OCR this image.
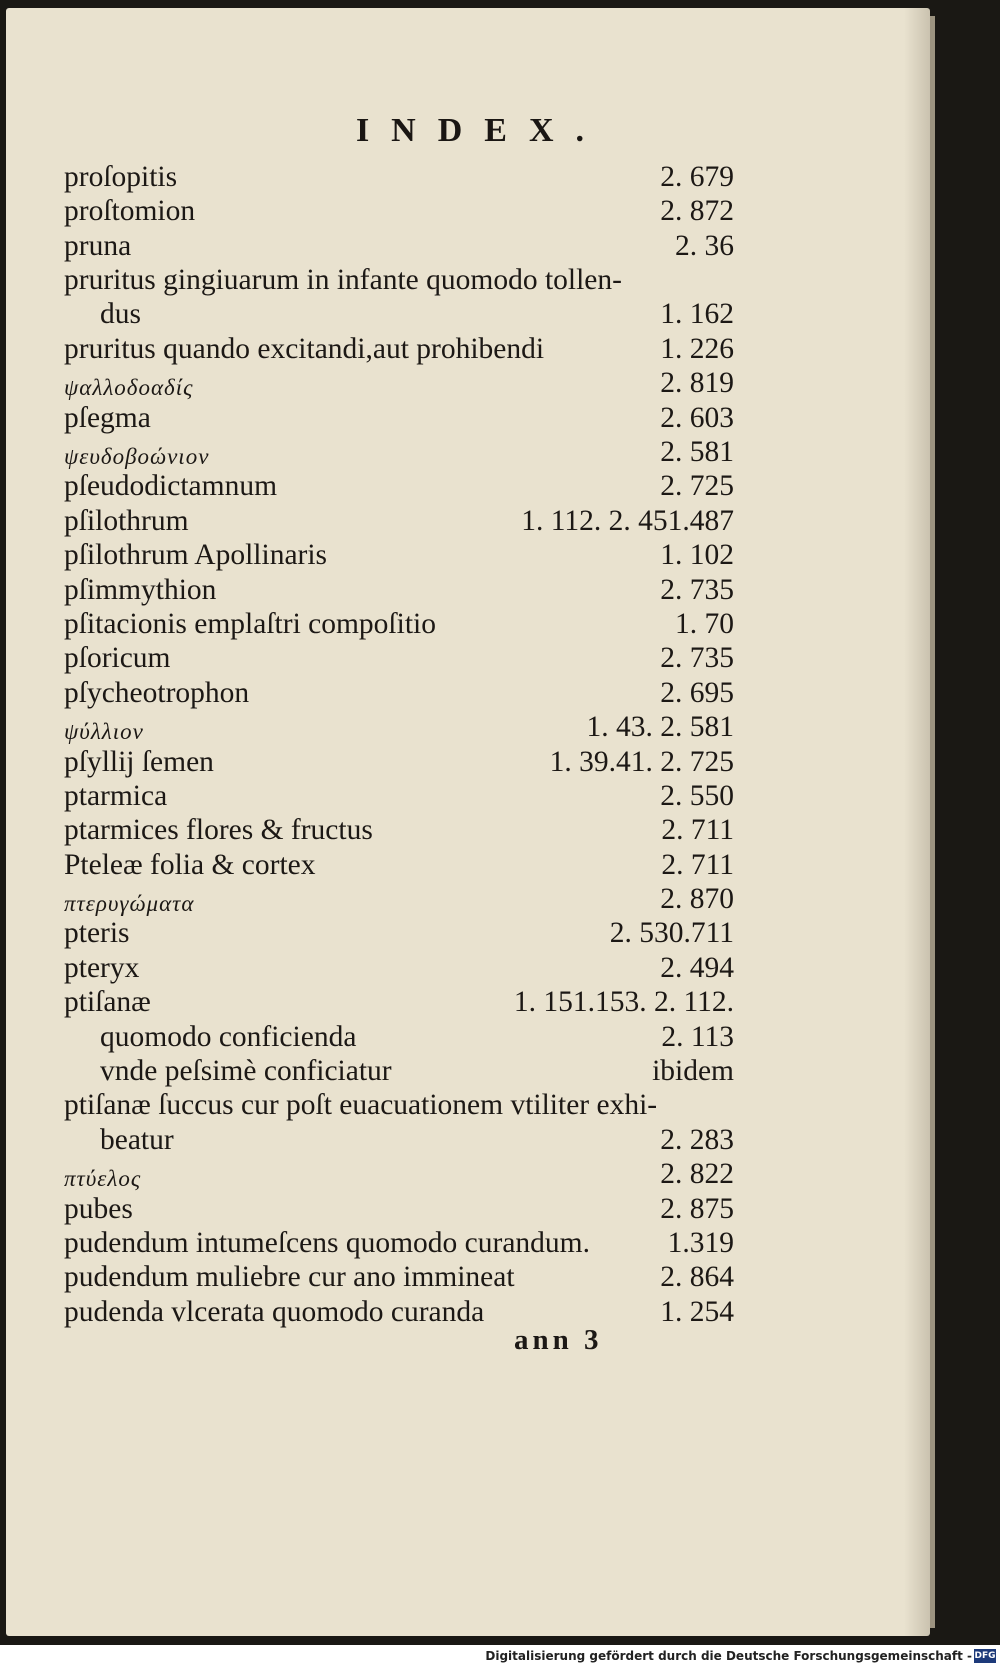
INDEX.
proſopitis	2. 679
proſtomion	2. 872
pruna	2. 36
pruritus gingiuarum in infante quomodo tollen-
dus	1. 162
pruritus quando excitandi,aut prohibendi	1. 226
ψαλλοδοαδίς	2. 819
pſegma	2. 603
ψευδοβοώνιον	2. 581
pſeudodictamnum	2. 725
pſilothrum	1. 112. 2. 451.487
pſilothrum Apollinaris	1. 102
pſimmythion	2. 735
pſitacionis emplaſtri compoſitio	1. 70
pſoricum	2. 735
pſycheotrophon	2. 695
ψύλλιον	1. 43. 2. 581
pſyllij ſemen	1. 39.41. 2. 725
ptarmica	2. 550
ptarmices flores & fructus	2. 711
Pteleæ folia & cortex	2. 711
πτερυγώματα	2. 870
pteris	2. 530.711
pteryx	2. 494
ptiſanæ	1. 151.153. 2. 112.
quomodo conficienda	2. 113
vnde peſsimè conficiatur	ibidem
ptiſanæ ſuccus cur poſt euacuationem vtiliter exhi-
beatur	2. 283
πτύελος	2. 822
pubes	2. 875
pudendum intumeſcens quomodo curandum.	1.319
pudendum muliebre cur ano immineat	2. 864
pudenda vlcerata quomodo curanda	1. 254
ann 3
Digitalisierung gefördert durch die Deutsche Forschungsgemeinschaft - DFG
